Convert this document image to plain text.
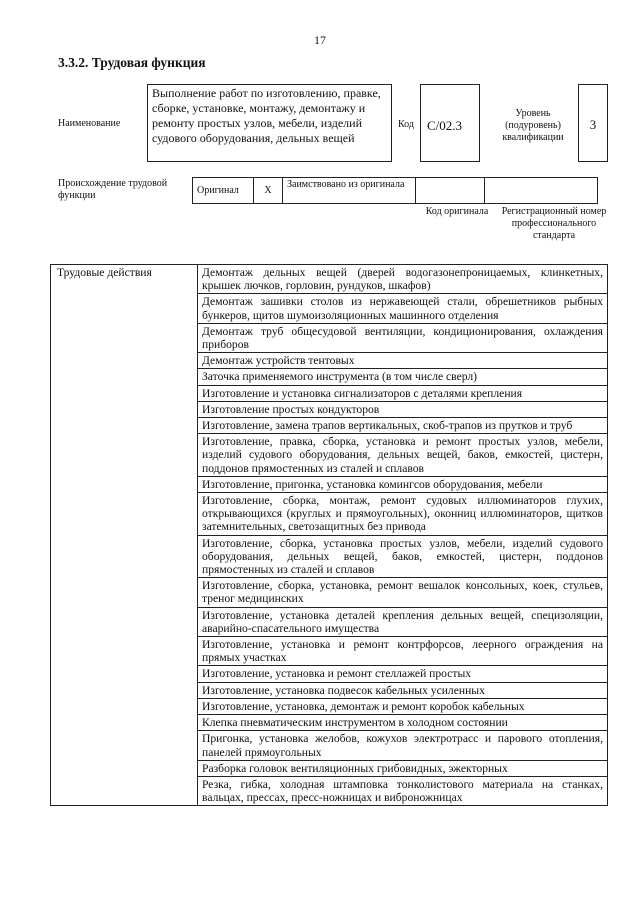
17
3.3.2. Трудовая функция
Наименование
Выполнение работ по изготовлению, правке, сборке, установке, монтажу, демонтажу и ремонту простых узлов, мебели, изделий судового оборудования, дельных вещей
Код	С/02.3
Уровень (подуровень) квалификации
3
Происхождение трудовой функции	Оригинал	X	Заимствовано из оригинала		
Код оригинала	Регистрационный номер профессионального стандарта
Трудовые действия	Демонтаж дельных вещей (дверей водогазонепроницаемых, клинкетных, крышек лючков, горловин, рундуков, шкафов)
Демонтаж зашивки столов из нержавеющей стали, обрешетников рыбных бункеров, щитов шумоизоляционных машинного отделения
Демонтаж труб общесудовой вентиляции, кондиционирования, охлаждения приборов
Демонтаж устройств тентовых
Заточка применяемого инструмента (в том числе сверл)
Изготовление и установка сигнализаторов с деталями крепления
Изготовление простых кондукторов
Изготовление, замена трапов вертикальных, скоб-трапов из прутков и труб
Изготовление, правка, сборка, установка и ремонт простых узлов, мебели, изделий судового оборудования, дельных вещей, баков, емкостей, цистерн, поддонов прямостенных из сталей и сплавов
Изготовление, пригонка, установка комингсов оборудования, мебели
Изготовление, сборка, монтаж, ремонт судовых иллюминаторов глухих, открывающихся (круглых и прямоугольных), оконниц иллюминаторов, щитков затемнительных, светозащитных без привода
Изготовление, сборка, установка простых узлов, мебели, изделий судового оборудования, дельных вещей, баков, емкостей, цистерн, поддонов прямостенных из сталей и сплавов
Изготовление, сборка, установка, ремонт вешалок консольных, коек, стульев, треног медицинских
Изготовление, установка деталей крепления дельных вещей, специзоляции, аварийно-спасательного имущества
Изготовление, установка и ремонт контрфорсов, леерного ограждения на прямых участках
Изготовление, установка и ремонт стеллажей простых
Изготовление, установка подвесок кабельных усиленных
Изготовление, установка, демонтаж и ремонт коробок кабельных
Клепка пневматическим инструментом в холодном состоянии
Пригонка, установка желобов, кожухов электротрасс и парового отопления, панелей прямоугольных
Разборка головок вентиляционных грибовидных, эжекторных
Резка, гибка, холодная штамповка тонколистового материала на станках, вальцах, прессах, пресс-ножницах и виброножницах
